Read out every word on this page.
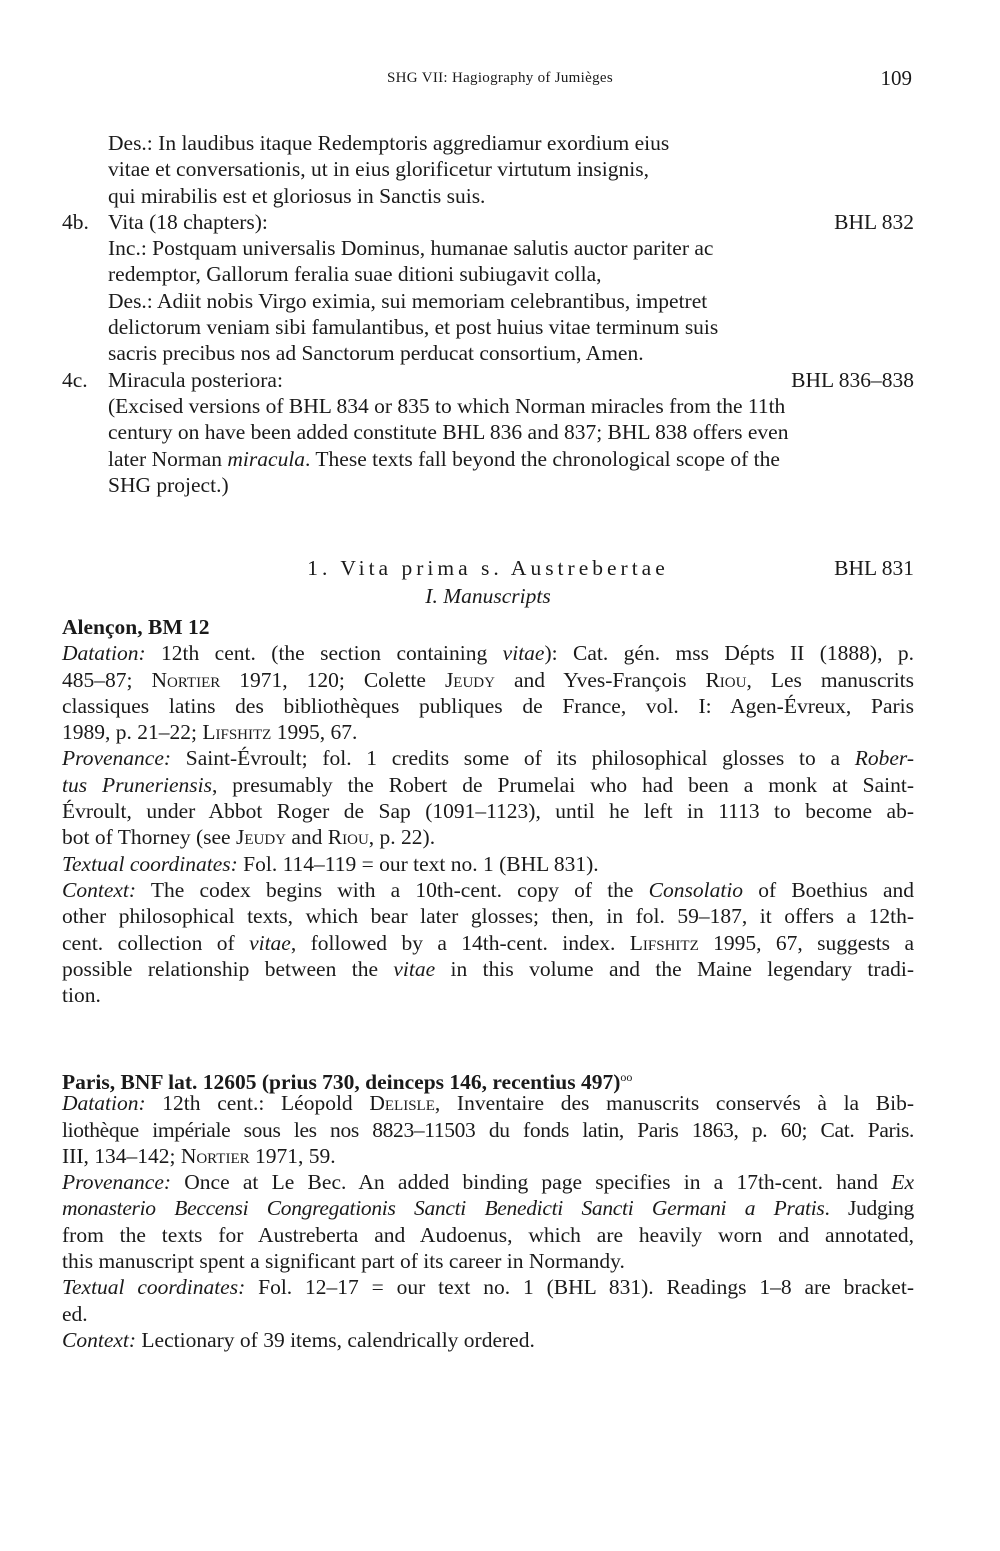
SHG VII: Hagiography of Jumièges	109
Des.: In laudibus itaque Redemptoris aggrediamur exordium eius
vitae et conversationis, ut in eius glorificetur virtutum insignis,
qui mirabilis est et gloriosus in Sanctis suis.
4b. Vita (18 chapters):	BHL 832
Inc.: Postquam universalis Dominus, humanae salutis auctor pariter ac
redemptor, Gallorum feralia suae ditioni subiugavit colla,
Des.: Adiit nobis Virgo eximia, sui memoriam celebrantibus, impetret
delictorum veniam sibi famulantibus, et post huius vitae terminum suis
sacris precibus nos ad Sanctorum perducat consortium, Amen.
4c. Miracula posteriora:	BHL 836–838
(Excised versions of BHL 834 or 835 to which Norman miracles from the 11th
century on have been added constitute BHL 836 and 837; BHL 838 offers even
later Norman miracula. These texts fall beyond the chronological scope of the
SHG project.)
1. Vita prima s. Austrebertae	BHL 831
I. Manuscripts
Alençon, BM 12
Datation: 12th cent. (the section containing vitae): Cat. gén. mss Dépts II (1888), p.
485–87; Nortier 1971, 120; Colette Jeudy and Yves-François Riou, Les manuscrits
classiques latins des bibliothèques publiques de France, vol. I: Agen-Évreux, Paris
1989, p. 21–22; Lifshitz 1995, 67.
Provenance: Saint-Évroult; fol. 1 credits some of its philosophical glosses to a Rober-
tus Pruneriensis, presumably the Robert de Prumelai who had been a monk at Saint-
Évroult, under Abbot Roger de Sap (1091–1123), until he left in 1113 to become ab-
bot of Thorney (see Jeudy and Riou, p. 22).
Textual coordinates: Fol. 114–119 = our text no. 1 (BHL 831).
Context: The codex begins with a 10th-cent. copy of the Consolatio of Boethius and
other philosophical texts, which bear later glosses; then, in fol. 59–187, it offers a 12th-
cent. collection of vitae, followed by a 14th-cent. index. Lifshitz 1995, 67, suggests a
possible relationship between the vitae in this volume and the Maine legendary tradi-
tion.
Paris, BNF lat. 12605 (prius 730, deinceps 146, recentius 497)$^{oo}$
Datation: 12th cent.: Léopold Delisle, Inventaire des manuscrits conservés à la Bib-
liothèque impériale sous les nos 8823–11503 du fonds latin, Paris 1863, p. 60; Cat. Paris.
III, 134–142; Nortier 1971, 59.
Provenance: Once at Le Bec. An added binding page specifies in a 17th-cent. hand Ex
monasterio Beccensi Congregationis Sancti Benedicti Sancti Germani a Pratis. Judging
from the texts for Austreberta and Audoenus, which are heavily worn and annotated,
this manuscript spent a significant part of its career in Normandy.
Textual coordinates: Fol. 12–17 = our text no. 1 (BHL 831). Readings 1–8 are bracket-
ed.
Context: Lectionary of 39 items, calendrically ordered.
